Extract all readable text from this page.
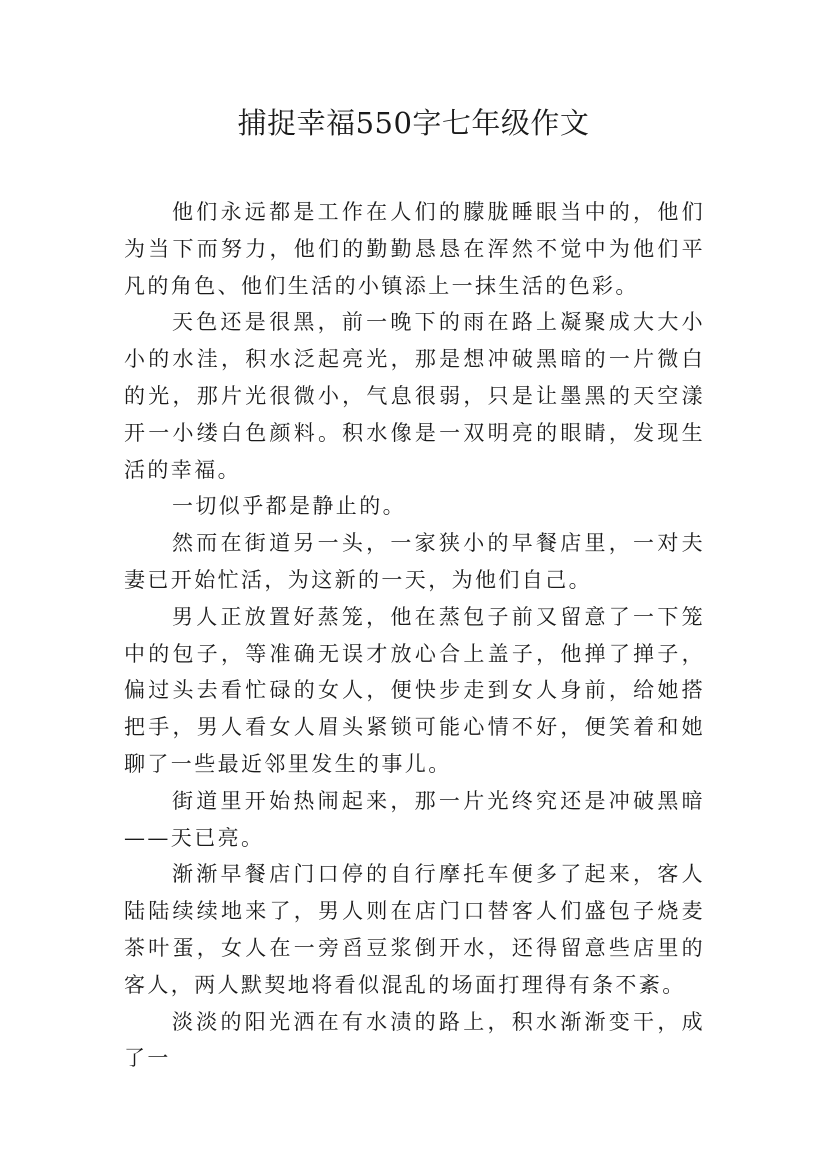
捕捉幸福550字七年级作文

他们永远都是工作在人们的朦胧睡眼当中的，他们为当下而努力，他们的勤勤恳恳在浑然不觉中为他们平凡的角色、他们生活的小镇添上一抹生活的色彩。

天色还是很黑，前一晚下的雨在路上凝聚成大大小小的水洼，积水泛起亮光，那是想冲破黑暗的一片微白的光，那片光很微小，气息很弱，只是让墨黑的天空漾开一小缕白色颜料。积水像是一双明亮的眼睛，发现生活的幸福。

一切似乎都是静止的。

然而在街道另一头，一家狭小的早餐店里，一对夫妻已开始忙活，为这新的一天，为他们自己。

男人正放置好蒸笼，他在蒸包子前又留意了一下笼中的包子，等准确无误才放心合上盖子，他掸了掸子，偏过头去看忙碌的女人，便快步走到女人身前，给她搭把手，男人看女人眉头紧锁可能心情不好，便笑着和她聊了一些最近邻里发生的事儿。

街道里开始热闹起来，那一片光终究还是冲破黑暗——天已亮。

渐渐早餐店门口停的自行摩托车便多了起来，客人陆陆续续地来了，男人则在店门口替客人们盛包子烧麦茶叶蛋，女人在一旁舀豆浆倒开水，还得留意些店里的客人，两人默契地将看似混乱的场面打理得有条不紊。

淡淡的阳光洒在有水渍的路上，积水渐渐变干，成了一
